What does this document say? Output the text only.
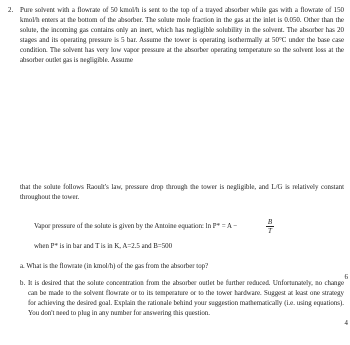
2. Pure solvent with a flowrate of 50 kmol/h is sent to the top of a trayed absorber while gas with a flowrate of 150 kmol/h enters at the bottom of the absorber. The solute mole fraction in the gas at the inlet is 0.050. Other than the solute, the incoming gas contains only an inert, which has negligible solubility in the solvent. The absorber has 20 stages and its operating pressure is 5 bar. Assume the tower is operating isothermally at 50°C under the base case condition. The solvent has very low vapor pressure at the absorber operating temperature so the solvent loss at the absorber outlet gas is negligible. Assume

that the solute follows Raoult's law, pressure drop through the tower is negligible, and L/G is relatively constant throughout the tower.

Vapor pressure of the solute is given by the Antoine equation: ln P* = A −
B
T

when P* is in bar and T is in K, A=2.5 and B=500

a. What is the flowrate (in kmol/h) of the gas from the absorber top?

6
b. It is desired that the solute concentration from the absorber outlet be further reduced. Unfortunately, no change can be made to the solvent flowrate or to its temperature or to the tower hardware. Suggest at least one strategy for achieving the desired goal. Explain the rationale behind your suggestion mathematically (i.e. using equations). You don't need to plug in any number for answering this question.

4
